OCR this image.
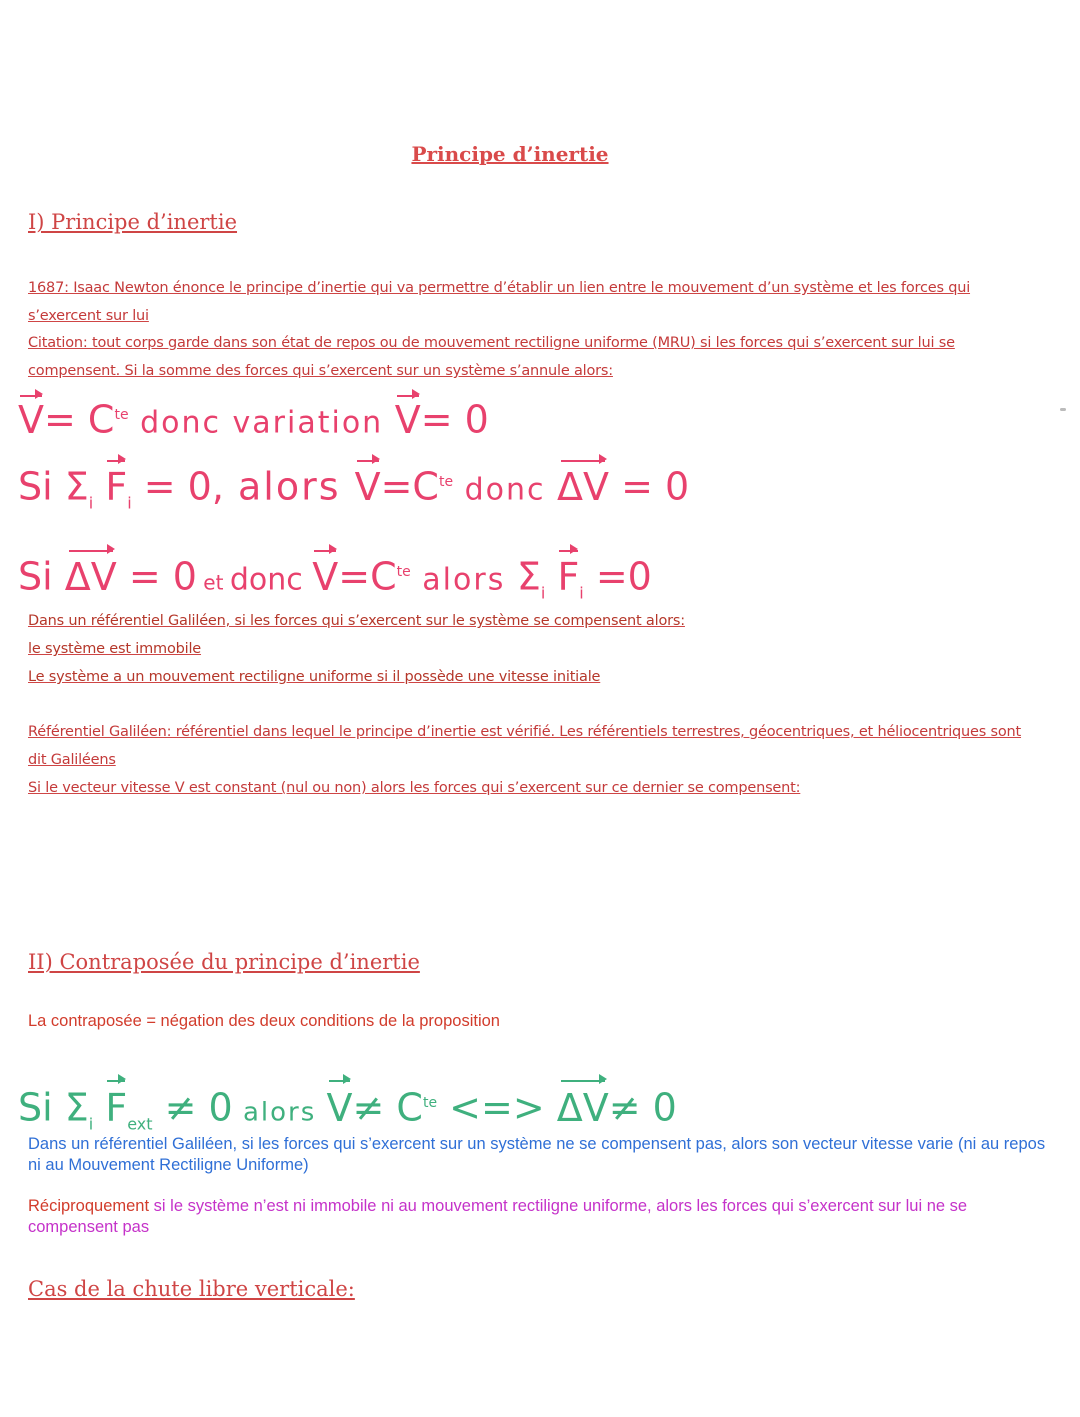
Principe d’inertie
I) Principe d’inertie
1687: Isaac Newton énonce le principe d’inertie qui va permettre d’établir un lien entre le mouvement d’un système et les forces qui s’exercent sur lui
Citation: tout corps garde dans son état de repos ou de mouvement rectiligne uniforme (MRU) si les forces qui s’exercent sur lui se compensent. Si la somme des forces qui s’exercent sur un système s’annule alors:
$V= C^{te}$ donc variation V= 0
Si $\Sigma_i$ $F_i = 0$, alors $V=C^{te}$ donc ΔV = 0
Si ΔV = 0 et donc $V=C^{te}$ alors $\Sigma_i$ $F_i =0$
Dans un référentiel Galiléen, si les forces qui s’exercent sur le système se compensent alors:
le système est immobile
Le système a un mouvement rectiligne uniforme si il possède une vitesse initiale
Référentiel Galiléen: référentiel dans lequel le principe d’inertie est vérifié. Les référentiels terrestres, géocentriques, et héliocentriques sont dit Galiléens
Si le vecteur vitesse V est constant (nul ou non) alors les forces qui s’exercent sur ce dernier se compensent:
II) Contraposée du principe d’inertie
La contraposée = négation des deux conditions de la proposition
Si $\Sigma_i$ $F_{ext} \ne 0$ alors $V\ne C^{te}$ <=> ΔV≠ 0
Dans un référentiel Galiléen, si les forces qui s’exercent sur un système ne se compensent pas, alors son vecteur vitesse varie (ni au repos ni au Mouvement Rectiligne Uniforme)
Réciproquement si le système n’est ni immobile ni au mouvement rectiligne uniforme, alors les forces qui s’exercent sur lui ne se compensent pas
Cas de la chute libre verticale:
